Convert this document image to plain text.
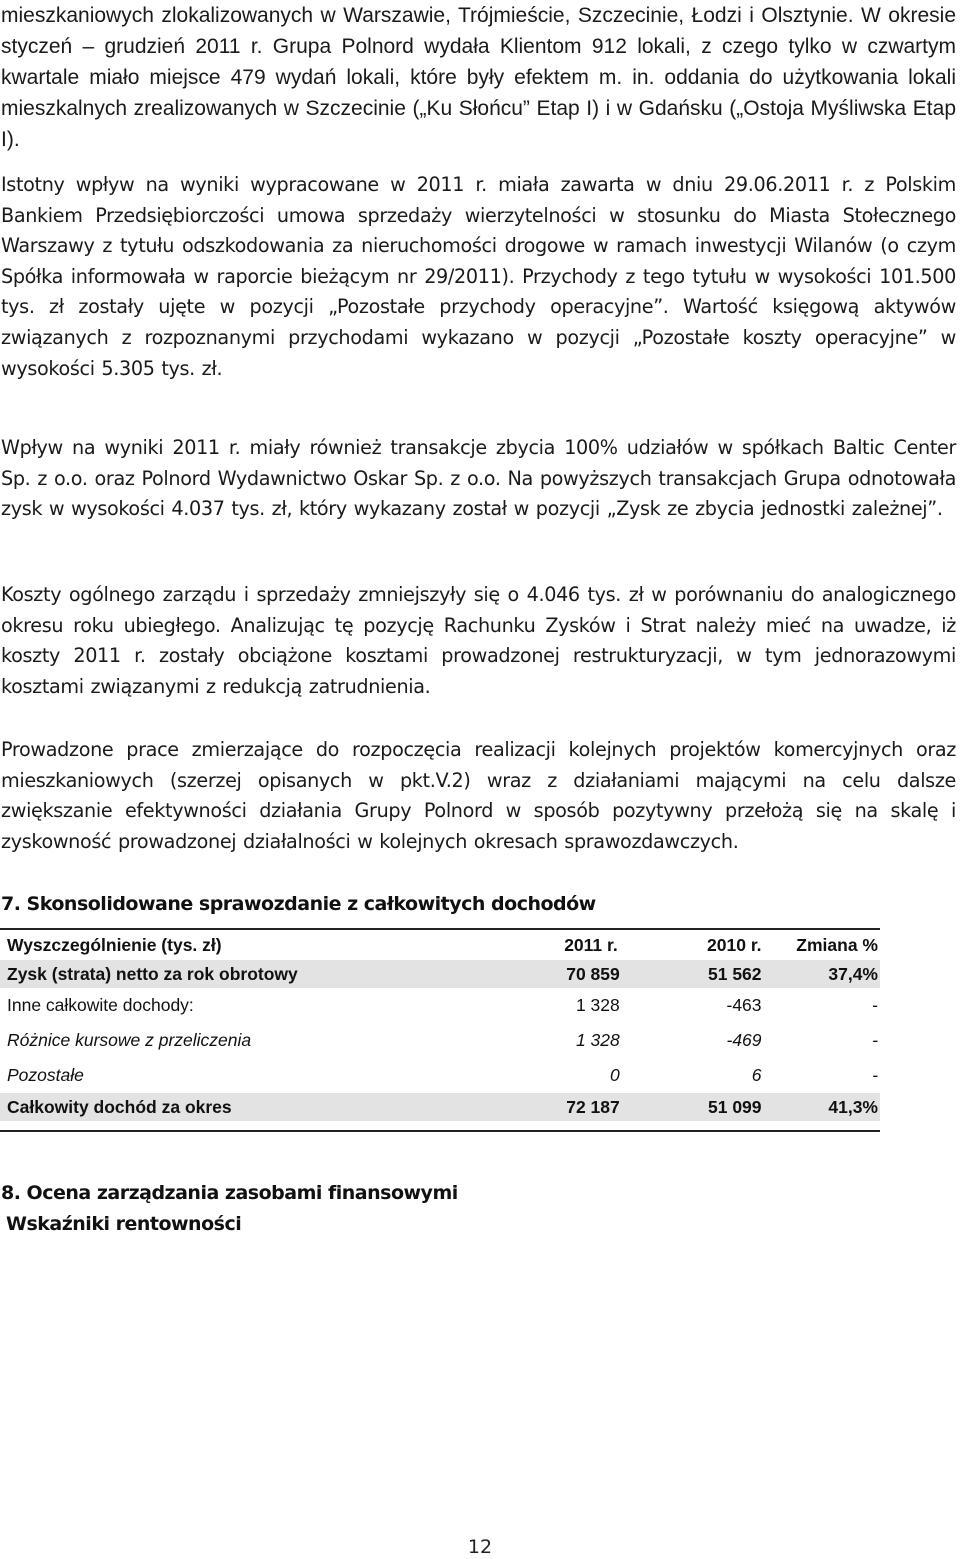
mieszkaniowych zlokalizowanych w Warszawie, Trójmieście, Szczecinie, Łodzi i Olsztynie. W okresie styczeń – grudzień 2011 r. Grupa Polnord wydała Klientom 912 lokali, z czego tylko w czwartym kwartale miało miejsce 479 wydań lokali, które były efektem m. in. oddania do użytkowania lokali mieszkalnych zrealizowanych w Szczecinie („Ku Słońcu” Etap I) i w Gdańsku („Ostoja Myśliwska Etap I).

Istotny wpływ na wyniki wypracowane w 2011 r. miała zawarta w dniu 29.06.2011 r. z Polskim Bankiem Przedsiębiorczości umowa sprzedaży wierzytelności w stosunku do Miasta Stołecznego Warszawy z tytułu odszkodowania za nieruchomości drogowe w ramach inwestycji Wilanów (o czym Spółka informowała w raporcie bieżącym nr 29/2011). Przychody z tego tytułu w wysokości 101.500 tys. zł zostały ujęte w pozycji „Pozostałe przychody operacyjne”. Wartość księgową aktywów związanych z rozpoznanymi przychodami wykazano w pozycji „Pozostałe koszty operacyjne” w wysokości 5.305 tys. zł.

Wpływ na wyniki 2011 r. miały również transakcje zbycia 100% udziałów w spółkach Baltic Center Sp. z o.o. oraz Polnord Wydawnictwo Oskar Sp. z o.o. Na powyższych transakcjach Grupa odnotowała zysk w wysokości 4.037 tys. zł, który wykazany został w pozycji „Zysk ze zbycia jednostki zależnej”.

Koszty ogólnego zarządu i sprzedaży zmniejszyły się o 4.046 tys. zł w porównaniu do analogicznego okresu roku ubiegłego. Analizując tę pozycję Rachunku Zysków i Strat należy mieć na uwadze, iż koszty 2011 r. zostały obciążone kosztami prowadzonej restrukturyzacji, w tym jednorazowymi kosztami związanymi z redukcją zatrudnienia.

Prowadzone prace zmierzające do rozpoczęcia realizacji kolejnych projektów komercyjnych oraz mieszkaniowych (szerzej opisanych w pkt.V.2) wraz z działaniami mającymi na celu dalsze zwiększanie efektywności działania Grupy Polnord w sposób pozytywny przełożą się na skalę i zyskowność prowadzonej działalności w kolejnych okresach sprawozdawczych.

7. Skonsolidowane sprawozdanie z całkowitych dochodów
Wyszczególnienie (tys. zł)	2011 r.	2010 r.	Zmiana %
Zysk (strata) netto za rok obrotowy	70 859	51 562	37,4%
Inne całkowite dochody:	1 328	-463	-
Różnice kursowe z przeliczenia	1 328	-469	-
Pozostałe	0	6	-
Całkowity dochód za okres	72 187	51 099	41,3%
8. Ocena zarządzania zasobami finansowymi
Wskaźniki rentowności
12
